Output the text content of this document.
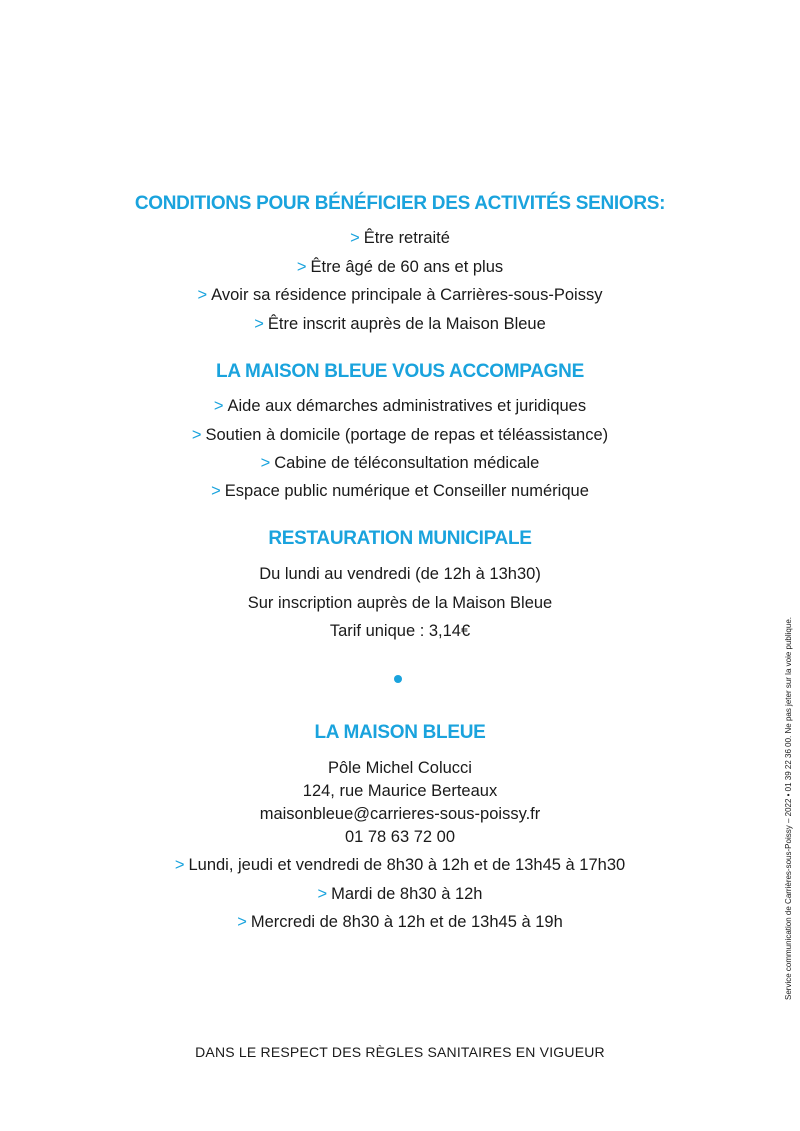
CONDITIONS POUR BÉNÉFICIER DES ACTIVITÉS SENIORS:
> Être retraité
> Être âgé de 60 ans et plus
> Avoir sa résidence principale à Carrières-sous-Poissy
> Être inscrit auprès de la Maison Bleue
LA MAISON BLEUE VOUS ACCOMPAGNE
> Aide aux démarches administratives et juridiques
> Soutien à domicile (portage de repas et téléassistance)
> Cabine de téléconsultation médicale
> Espace public numérique et Conseiller numérique
RESTAURATION MUNICIPALE
Du lundi au vendredi (de 12h à 13h30)
Sur inscription auprès de la Maison Bleue
Tarif unique : 3,14€
LA MAISON BLEUE
Pôle Michel Colucci
124, rue Maurice Berteaux
maisonbleue@carrieres-sous-poissy.fr
01 78 63 72 00
> Lundi, jeudi et vendredi de 8h30 à 12h et de 13h45 à 17h30
> Mardi de 8h30 à 12h
> Mercredi de 8h30 à 12h et de 13h45 à 19h	Service communication de Carrières-sous-Poissy – 2022 • 01 39 22 36 00. Ne pas jeter sur la voie publique.
DANS LE RESPECT DES RÈGLES SANITAIRES EN VIGUEUR
